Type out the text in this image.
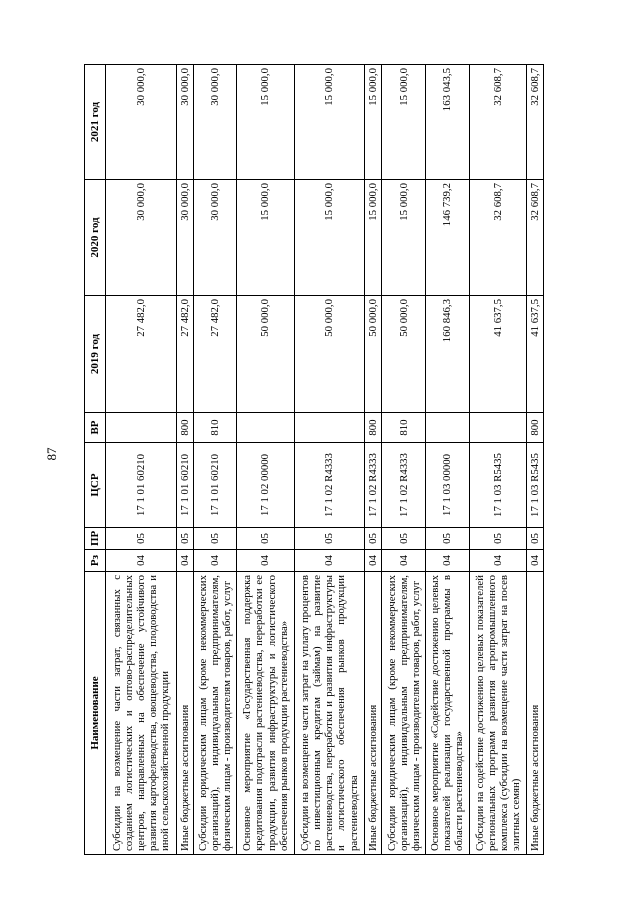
87
Наименование	Рз	ПР	ЦСР	ВР	2019 год	2020 год	2021 год
Субсидии на возмещение части затрат, связанных с созданием логистических и оптово-распределительных центров, направленных на обеспечение устойчивого развития картофелеводства, овощеводства, плодоводства и иной сельскохозяйственной продукции	04	05	17 1 01 60210		27 482,0	30 000,0	30 000,0
Иные бюджетные ассигнования	04	05	17 1 01 60210	800	27 482,0	30 000,0	30 000,0
Субсидии юридическим лицам (кроме некоммерческих организаций), индивидуальным предпринимателям, физическим лицам - производителям товаров, работ, услуг	04	05	17 1 01 60210	810	27 482,0	30 000,0	30 000,0
Основное мероприятие «Государственная поддержка кредитования подотрасли растениеводства, переработки ее продукции, развития инфраструктуры и логистического обеспечения рынков продукции растениеводства»	04	05	17 1 02 00000		50 000,0	15 000,0	15 000,0
Субсидии на возмещение части затрат на уплату процентов по инвестиционным кредитам (займам) на развитие растениеводства, переработки и развития инфраструктуры и логистического обеспечения рынков продукции растениеводства	04	05	17 1 02 R4333		50 000,0	15 000,0	15 000,0
Иные бюджетные ассигнования	04	05	17 1 02 R4333	800	50 000,0	15 000,0	15 000,0
Субсидии юридическим лицам (кроме некоммерческих организаций), индивидуальным предпринимателям, физическим лицам - производителям товаров, работ, услуг	04	05	17 1 02 R4333	810	50 000,0	15 000,0	15 000,0
Основное мероприятие «Содействие достижению целевых показателей реализации государственной программы в области растениеводства»	04	05	17 1 03 00000		160 846,3	146 739,2	163 043,5
Субсидии на содействие достижению целевых показателей региональных программ развития агропромышленного комплекса (субсидии на возмещение части затрат на посев элитных семян)	04	05	17 1 03 R5435		41 637,5	32 608,7	32 608,7
Иные бюджетные ассигнования	04	05	17 1 03 R5435	800	41 637,5	32 608,7	32 608,7
